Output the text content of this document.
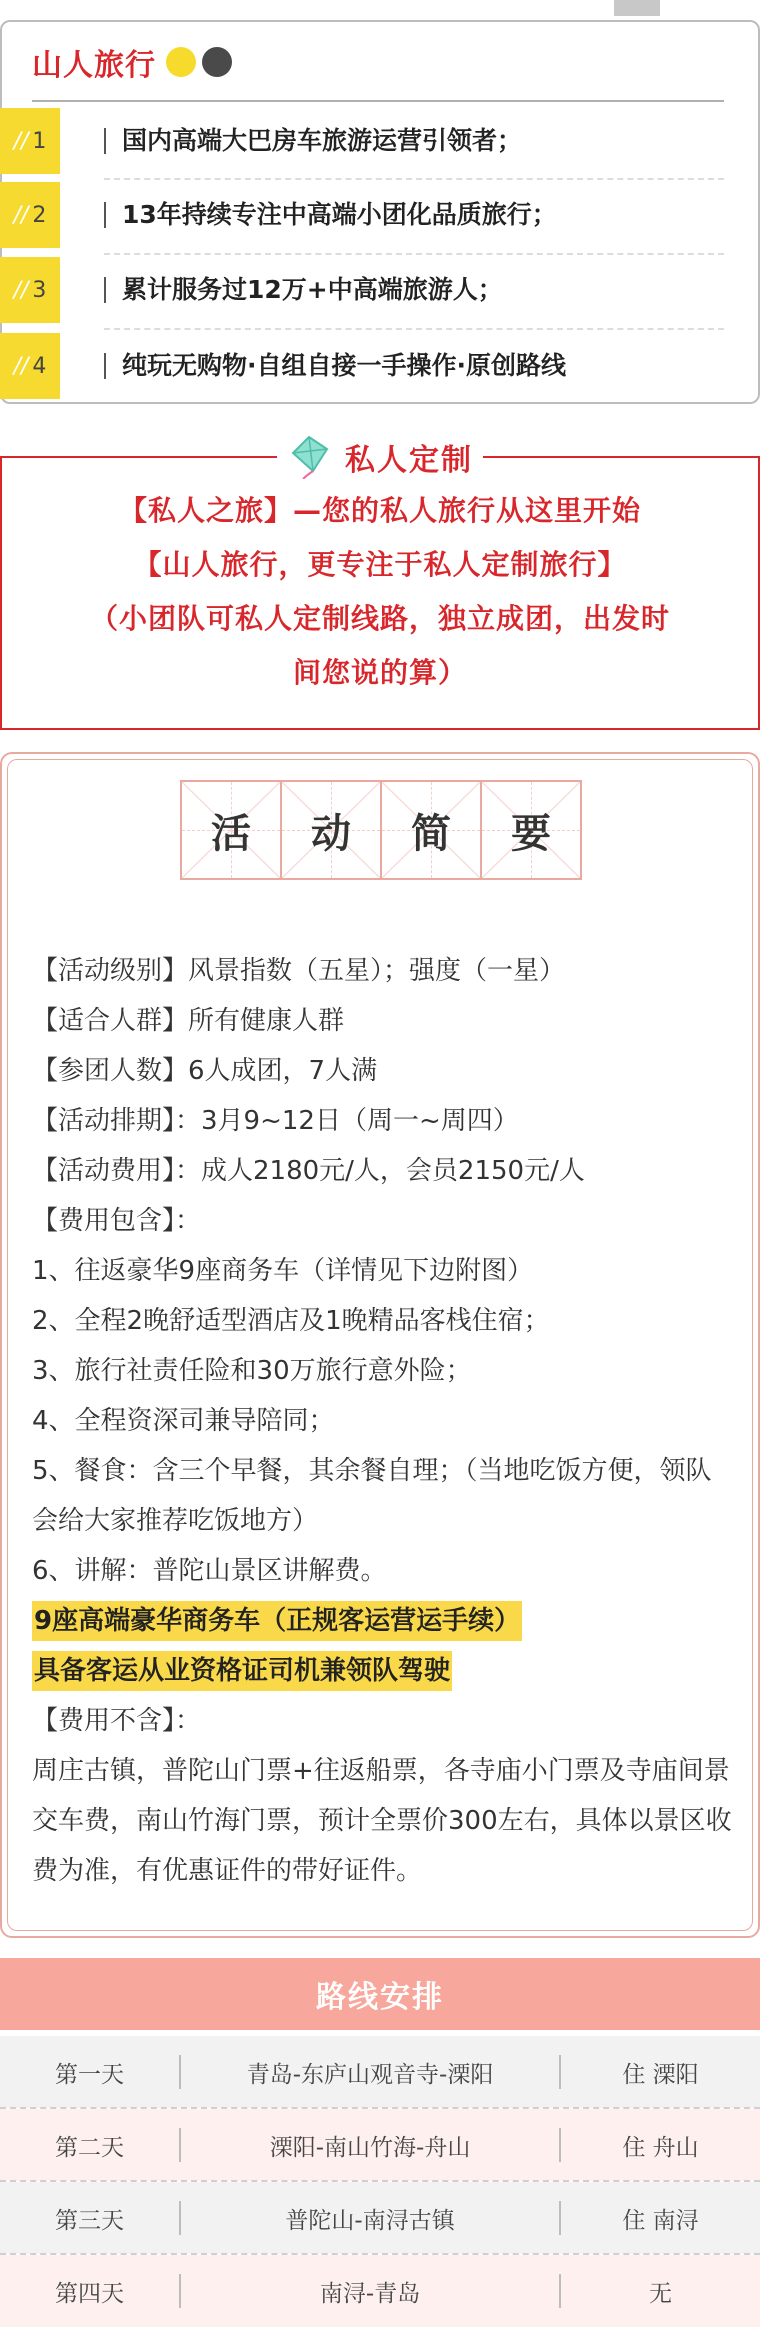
山人旅行
// 1	国内高端大巴房车旅游运营引领者；
// 2	13年持续专注中高端小团化品质旅行；
// 3	累计服务过12万+中高端旅游人；
// 4	纯玩无购物·自组自接一手操作·原创路线
私人定制
【私人之旅】—您的私人旅行从这里开始
【山人旅行，更专注于私人定制旅行】
（小团队可私人定制线路，独立成团，出发时
间您说的算）
活 动 简 要

【活动级别】风景指数（五星）；强度（一星）

【适合人群】所有健康人群

【参团人数】6人成团，7人满

【活动排期】：3月9~12日（周一~周四）

【活动费用】：成人2180元/人，会员2150元/人

【费用包含】：

1、往返豪华9座商务车（详情见下边附图）

2、全程2晚舒适型酒店及1晚精品客栈住宿；

3、旅行社责任险和30万旅行意外险；

4、全程资深司兼导陪同；

5、餐食：含三个早餐，其余餐自理；（当地吃饭方便，领队会给大家推荐吃饭地方）

6、讲解：普陀山景区讲解费。

9座高端豪华商务车（正规客运营运手续）
具备客运从业资格证司机兼领队驾驶

【费用不含】：

周庄古镇，普陀山门票+往返船票，各寺庙小门票及寺庙间景交车费，南山竹海门票，预计全票价300左右，具体以景区收费为准，有优惠证件的带好证件。

路线安排
第一天	青岛-东庐山观音寺-溧阳	住 溧阳
第二天	溧阳-南山竹海-舟山	住 舟山
第三天	普陀山-南浔古镇	住 南浔
第四天	南浔-青岛	无
